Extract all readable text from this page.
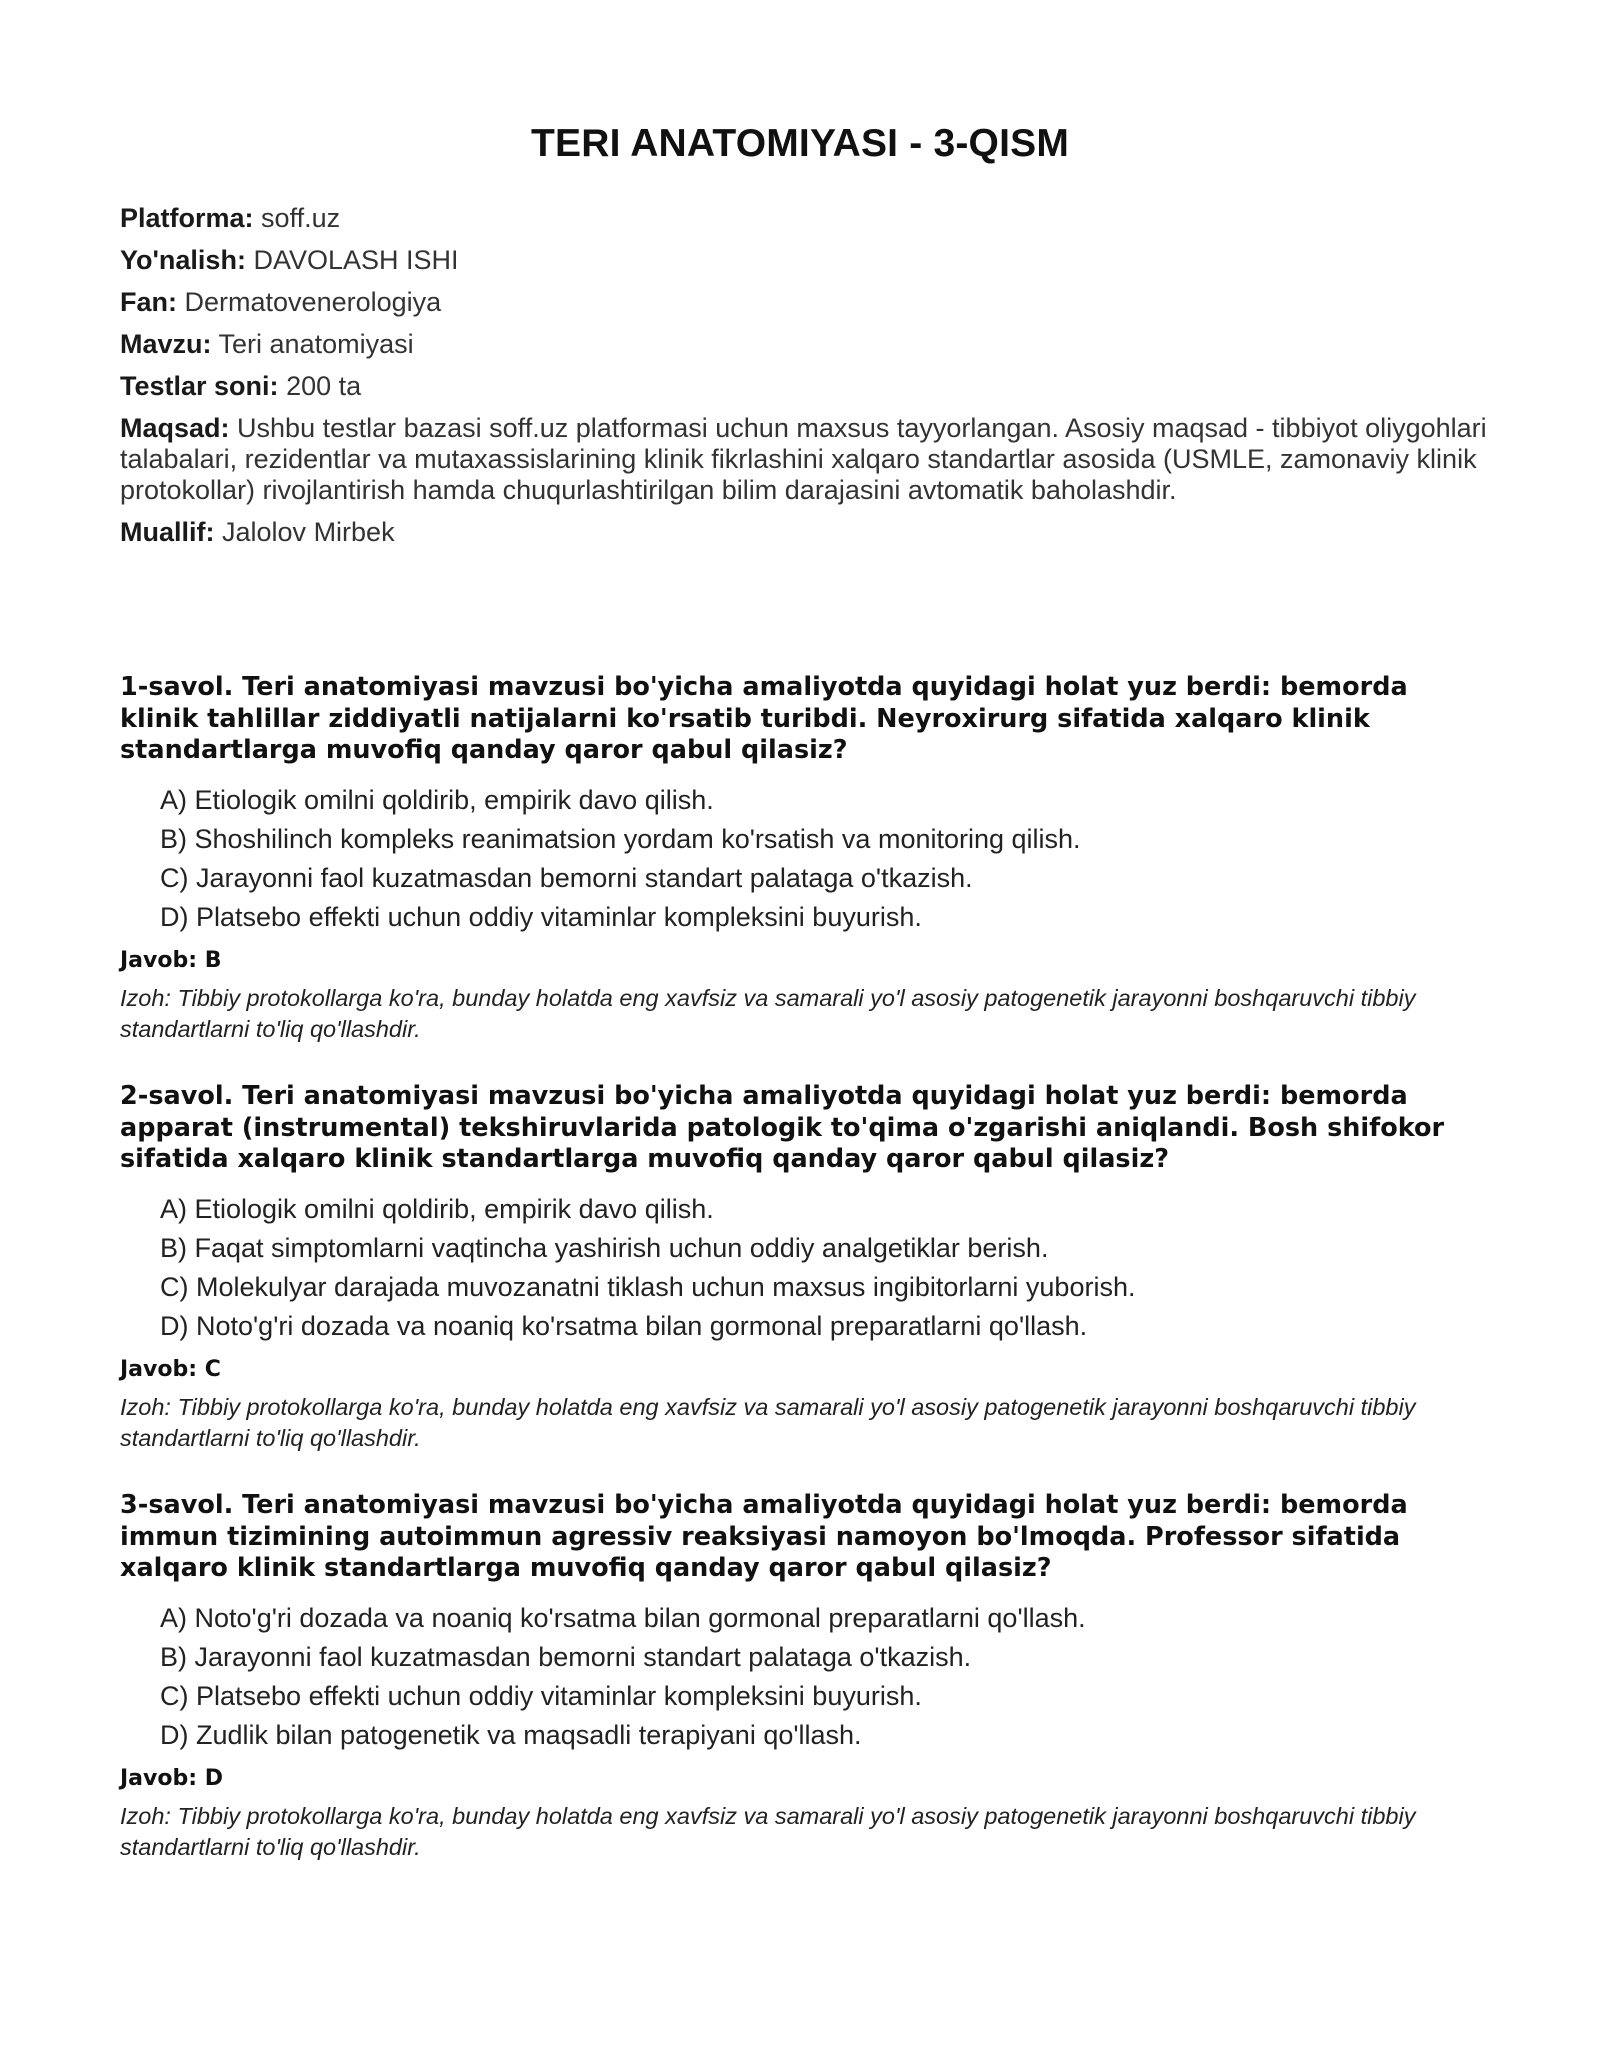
TERI ANATOMIYASI - 3-QISM
Platforma: soff.uz
Yo'nalish: DAVOLASH ISHI
Fan: Dermatovenerologiya
Mavzu: Teri anatomiyasi
Testlar soni: 200 ta
Maqsad: Ushbu testlar bazasi soff.uz platformasi uchun maxsus tayyorlangan. Asosiy maqsad - tibbiyot oliygohlari talabalari, rezidentlar va mutaxassislarining klinik fikrlashini xalqaro standartlar asosida (USMLE, zamonaviy klinik protokollar) rivojlantirish hamda chuqurlashtirilgan bilim darajasini avtomatik baholashdir.
Muallif: Jalolov Mirbek

1-savol. Teri anatomiyasi mavzusi bo'yicha amaliyotda quyidagi holat yuz berdi: bemorda klinik tahlillar ziddiyatli natijalarni ko'rsatib turibdi. Neyroxirurg sifatida xalqaro klinik standartlarga muvofiq qanday qaror qabul qilasiz?

A) Etiologik omilni qoldirib, empirik davo qilish.
B) Shoshilinch kompleks reanimatsion yordam ko'rsatish va monitoring qilish.
C) Jarayonni faol kuzatmasdan bemorni standart palataga o'tkazish.
D) Platsebo effekti uchun oddiy vitaminlar kompleksini buyurish.
Javob: B
Izoh: Tibbiy protokollarga ko'ra, bunday holatda eng xavfsiz va samarali yo'l asosiy patogenetik jarayonni boshqaruvchi tibbiy standartlarni to'liq qo'llashdir.

2-savol. Teri anatomiyasi mavzusi bo'yicha amaliyotda quyidagi holat yuz berdi: bemorda apparat (instrumental) tekshiruvlarida patologik to'qima o'zgarishi aniqlandi. Bosh shifokor sifatida xalqaro klinik standartlarga muvofiq qanday qaror qabul qilasiz?

A) Etiologik omilni qoldirib, empirik davo qilish.
B) Faqat simptomlarni vaqtincha yashirish uchun oddiy analgetiklar berish.
C) Molekulyar darajada muvozanatni tiklash uchun maxsus ingibitorlarni yuborish.
D) Noto'g'ri dozada va noaniq ko'rsatma bilan gormonal preparatlarni qo'llash.
Javob: C
Izoh: Tibbiy protokollarga ko'ra, bunday holatda eng xavfsiz va samarali yo'l asosiy patogenetik jarayonni boshqaruvchi tibbiy standartlarni to'liq qo'llashdir.

3-savol. Teri anatomiyasi mavzusi bo'yicha amaliyotda quyidagi holat yuz berdi: bemorda immun tizimining autoimmun agressiv reaksiyasi namoyon bo'lmoqda. Professor sifatida xalqaro klinik standartlarga muvofiq qanday qaror qabul qilasiz?

A) Noto'g'ri dozada va noaniq ko'rsatma bilan gormonal preparatlarni qo'llash.
B) Jarayonni faol kuzatmasdan bemorni standart palataga o'tkazish.
C) Platsebo effekti uchun oddiy vitaminlar kompleksini buyurish.
D) Zudlik bilan patogenetik va maqsadli terapiyani qo'llash.
Javob: D
Izoh: Tibbiy protokollarga ko'ra, bunday holatda eng xavfsiz va samarali yo'l asosiy patogenetik jarayonni boshqaruvchi tibbiy standartlarni to'liq qo'llashdir.
